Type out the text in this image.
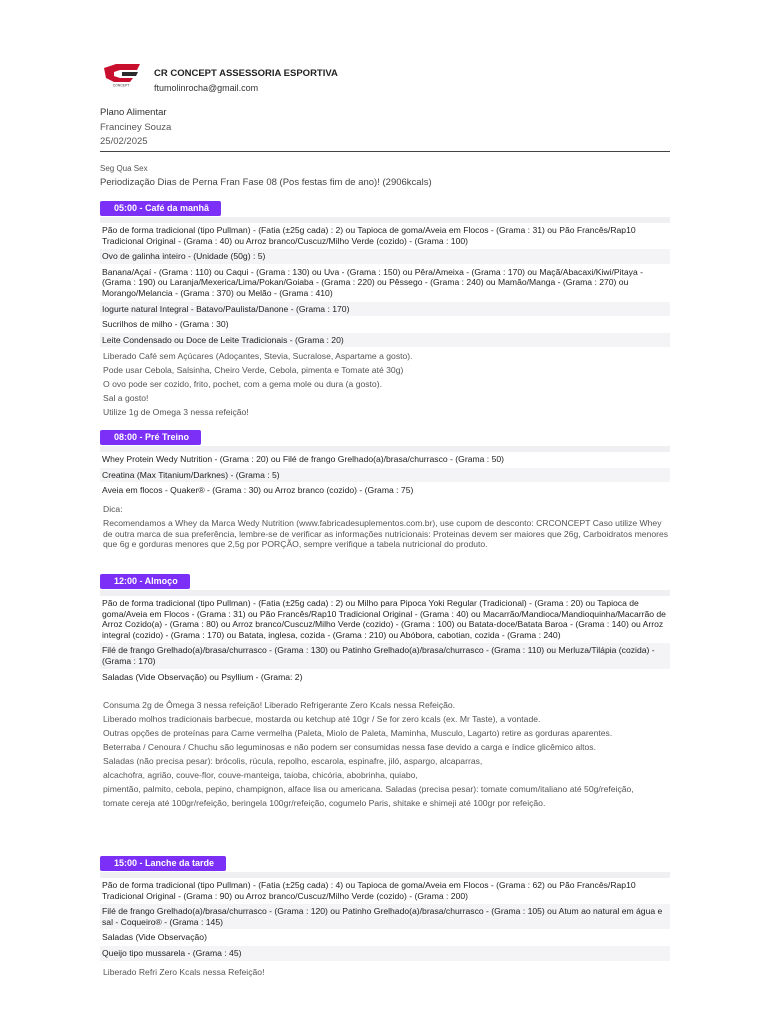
CONCEPT
CR CONCEPT ASSESSORIA ESPORTIVA
ftumolinrocha@gmail.com
Plano Alimentar
Franciney Souza
25/02/2025
Seg Qua Sex
Periodização Dias de Perna Fran Fase 08 (Pos festas fim de ano)! (2906kcals)
05:00 - Café da manhã
Pão de forma tradicional (tipo Pullman) - (Fatia (±25g cada) : 2) ou Tapioca de goma/Aveia em Flocos - (Grama : 31) ou Pão Francês/Rap10 Tradicional Original - (Grama : 40) ou Arroz branco/Cuscuz/Milho Verde (cozido) - (Grama : 100)
Ovo de galinha inteiro - (Unidade (50g) : 5)
Banana/Açaí - (Grama : 110) ou Caqui - (Grama : 130) ou Uva - (Grama : 150) ou Pêra/Ameixa - (Grama : 170) ou Maçã/Abacaxi/Kiwi/Pitaya - (Grama : 190) ou Laranja/Mexerica/Lima/Pokan/Goiaba - (Grama : 220) ou Pêssego - (Grama : 240) ou Mamão/Manga - (Grama : 270) ou Morango/Melancia - (Grama : 370) ou Melão - (Grama : 410)
Iogurte natural Integral - Batavo/Paulista/Danone - (Grama : 170)
Sucrilhos de milho - (Grama : 30)
Leite Condensado ou Doce de Leite Tradicionais - (Grama : 20)
Liberado Café sem Açúcares (Adoçantes, Stevia, Sucralose, Aspartame a gosto).
Pode usar Cebola, Salsinha, Cheiro Verde, Cebola, pimenta e Tomate até 30g)
O ovo pode ser cozido, frito, pochet, com a gema mole ou dura (a gosto).
Sal a gosto!
Utilize 1g de Omega 3 nessa refeição!
08:00 - Pré Treino
Whey Protein Wedy Nutrition - (Grama : 20) ou Filé de frango Grelhado(a)/brasa/churrasco - (Grama : 50)
Creatina (Max Titanium/Darknes) - (Grama : 5)
Aveia em flocos - Quaker® - (Grama : 30) ou Arroz branco (cozido) - (Grama : 75)
Dica:
Recomendamos a Whey da Marca Wedy Nutrition (www.fabricadesuplementos.com.br), use cupom de desconto: CRCONCEPT Caso utilize Whey de outra marca de sua preferência, lembre-se de verificar as informações nutricionais: Proteinas devem ser maiores que 26g, Carboidratos menores que 6g e gorduras menores que 2,5g por PORÇÃO, sempre verifique a tabela nutricional do produto.
12:00 - Almoço
Pão de forma tradicional (tipo Pullman) - (Fatia (±25g cada) : 2) ou Milho para Pipoca Yoki Regular (Tradicional) - (Grama : 20) ou Tapioca de goma/Aveia em Flocos - (Grama : 31) ou Pão Francês/Rap10 Tradicional Original - (Grama : 40) ou Macarrão/Mandioca/Mandioquinha/Macarrão de Arroz Cozido(a) - (Grama : 80) ou Arroz branco/Cuscuz/Milho Verde (cozido) - (Grama : 100) ou Batata-doce/Batata Baroa - (Grama : 140) ou Arroz integral (cozido) - (Grama : 170) ou Batata, inglesa, cozida - (Grama : 210) ou Abóbora, cabotian, cozida - (Grama : 240)
Filé de frango Grelhado(a)/brasa/churrasco - (Grama : 130) ou Patinho Grelhado(a)/brasa/churrasco - (Grama : 110) ou Merluza/Tilápia (cozida) - (Grama : 170)
Saladas (Vide Observação) ou Psyllium - (Grama: 2)
Consuma 2g de Ômega 3 nessa refeição! Liberado Refrigerante Zero Kcals nessa Refeição.
Liberado molhos tradicionais barbecue, mostarda ou ketchup até 10gr / Se for zero kcals (ex. Mr Taste), a vontade.
Outras opções de proteínas para Carne vermelha (Paleta, Miolo de Paleta, Maminha, Musculo, Lagarto) retire as gorduras aparentes.
Beterraba / Cenoura / Chuchu são leguminosas e não podem ser consumidas nessa fase devido a carga e índice glicêmico altos.
Saladas (não precisa pesar): brócolis, rúcula, repolho, escarola, espinafre, jiló, aspargo, alcaparras,
alcachofra, agrião, couve-flor, couve-manteiga, taioba, chicória, abobrinha, quiabo,
pimentão, palmito, cebola, pepino, champignon, alface lisa ou americana. Saladas (precisa pesar): tomate comum/italiano até 50g/refeição,
tomate cereja até 100gr/refeição, beringela 100gr/refeição, cogumelo Paris, shitake e shimeji até 100gr por refeição.
15:00 - Lanche da tarde
Pão de forma tradicional (tipo Pullman) - (Fatia (±25g cada) : 4) ou Tapioca de goma/Aveia em Flocos - (Grama : 62) ou Pão Francês/Rap10 Tradicional Original - (Grama : 90) ou Arroz branco/Cuscuz/Milho Verde (cozido) - (Grama : 200)
Filé de frango Grelhado(a)/brasa/churrasco - (Grama : 120) ou Patinho Grelhado(a)/brasa/churrasco - (Grama : 105) ou Atum ao natural em água e sal - Coqueiro® - (Grama : 145)
Saladas (Vide Observação)
Queijo tipo mussarela - (Grama : 45)
Liberado Refri Zero Kcals nessa Refeição!
